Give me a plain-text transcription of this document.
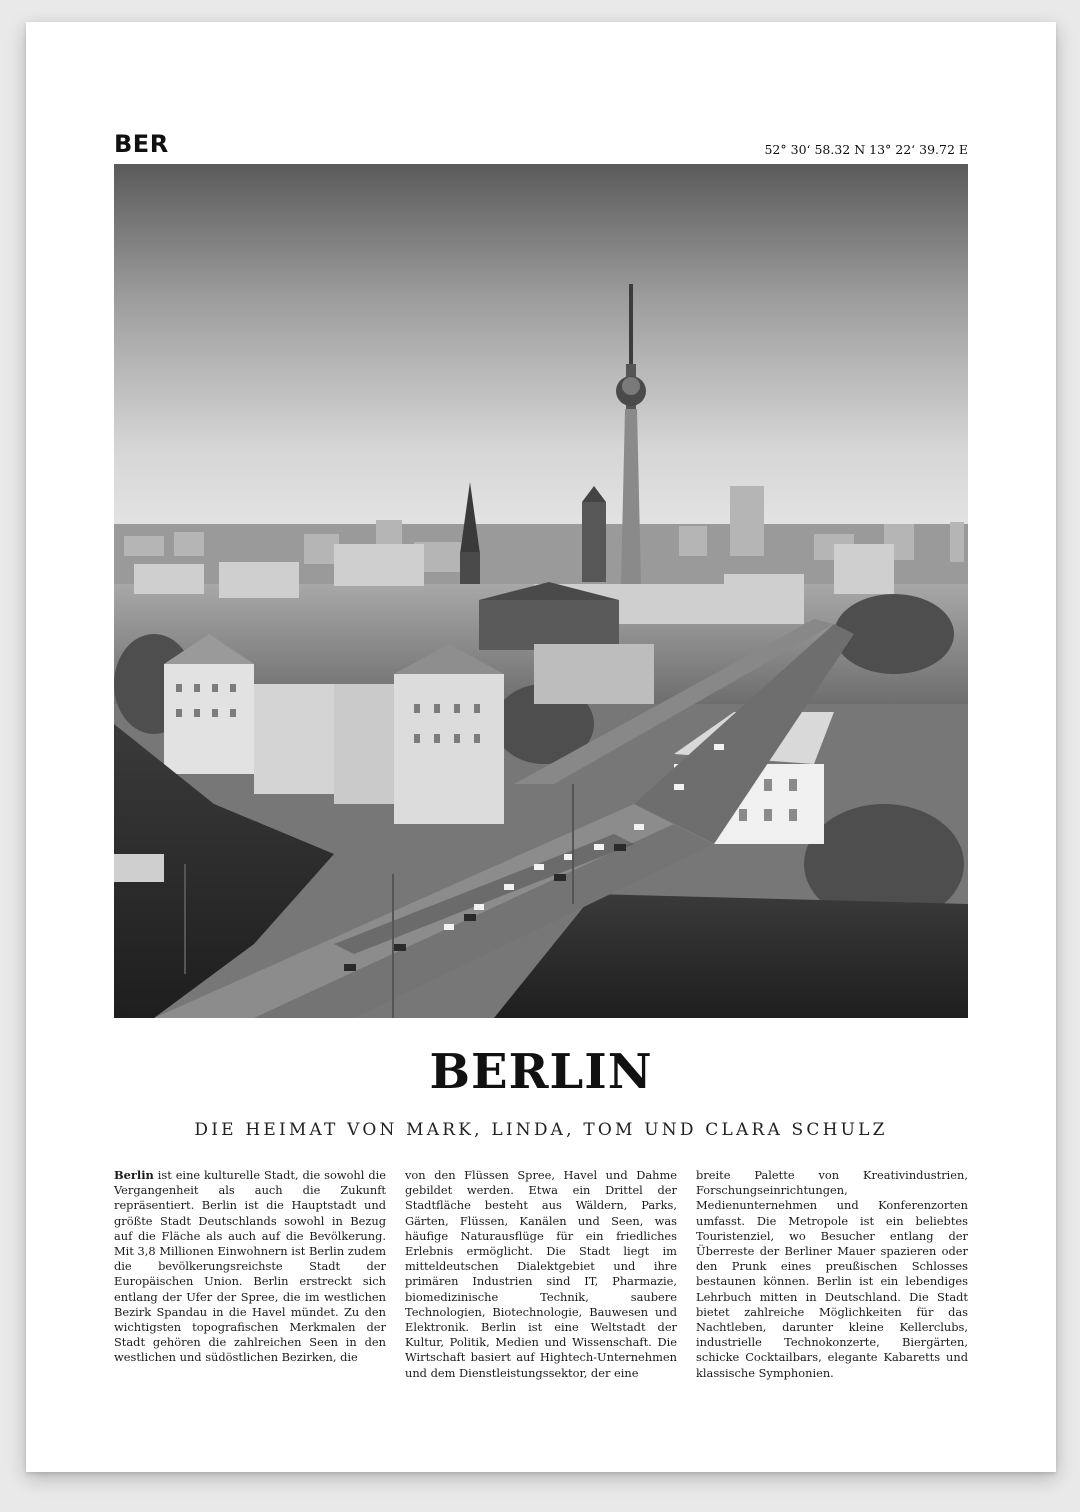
BER	52° 30‘ 58.32 N 13° 22‘ 39.72 E
BERLIN
DIE HEIMAT VON MARK, LINDA, TOM UND CLARA SCHULZ

Berlin ist eine kulturelle Stadt, die sowohl die Vergangenheit als auch die Zukunft repräsentiert. Berlin ist die Hauptstadt und größte Stadt Deutschlands sowohl in Bezug auf die Fläche als auch auf die Bevölkerung. Mit 3,8 Millionen Einwohnern ist Berlin zudem die bevölkerungsreichste Stadt der Europäischen Union. Berlin erstreckt sich entlang der Ufer der Spree, die im westlichen Bezirk Spandau in die Havel mündet. Zu den wichtigsten topografischen Merkmalen der Stadt gehören die zahlreichen Seen in den westlichen und südöstlichen Bezirken, die

von den Flüssen Spree, Havel und Dahme gebildet werden. Etwa ein Drittel der Stadtfläche besteht aus Wäldern, Parks, Gärten, Flüssen, Kanälen und Seen, was häufige Naturausflüge für ein friedliches Erlebnis ermöglicht. Die Stadt liegt im mitteldeutschen Dialektgebiet und ihre primären Industrien sind IT, Pharmazie, biomedizinische Technik, saubere Technologien, Biotechnologie, Bauwesen und Elektronik. Berlin ist eine Weltstadt der Kultur, Politik, Medien und Wissenschaft. Die Wirtschaft basiert auf Hightech-Unternehmen und dem Dienstleistungssektor, der eine

breite Palette von Kreativindustrien, Forschungseinrichtungen, Medienunternehmen und Konferenzorten umfasst. Die Metropole ist ein beliebtes Touristenziel, wo Besucher entlang der Überreste der Berliner Mauer spazieren oder den Prunk eines preußischen Schlosses bestaunen können. Berlin ist ein lebendiges Lehrbuch mitten in Deutschland. Die Stadt bietet zahlreiche Möglichkeiten für das Nachtleben, darunter kleine Kellerclubs, industrielle Technokonzerte, Biergärten, schicke Cocktailbars, elegante Kabaretts und klassische Symphonien.
